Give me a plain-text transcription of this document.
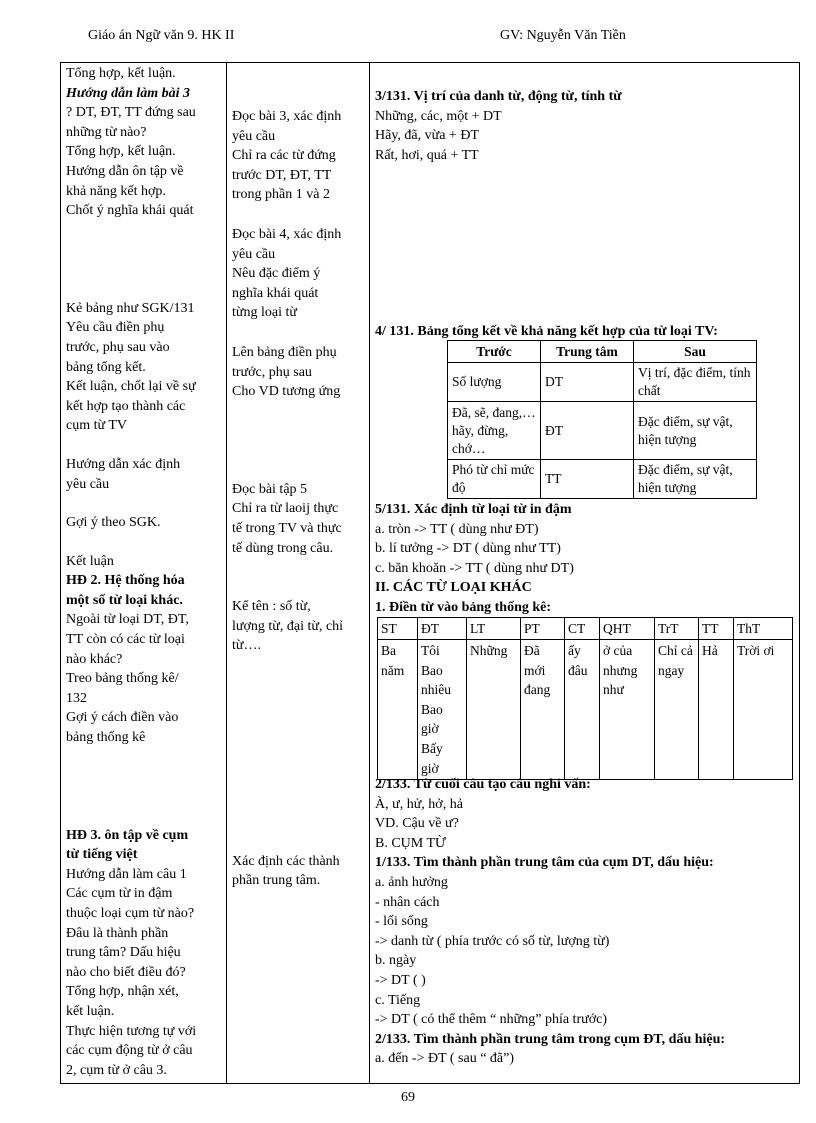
Giáo án Ngữ văn 9. HK II	GV: Nguyễn Văn Tiền
Tổng hợp, kết luận.
Hướng dẫn làm bài 3
? DT, ĐT, TT đứng sau
những từ nào?
Tổng hợp, kết luận.
Hướng dẫn ôn tập về
khả năng kết hợp.
Chốt ý nghĩa khái quát
Kẻ bảng như SGK/131
Yêu cầu điền phụ
trước, phụ sau vào
bảng tổng kết.
Kết luận, chốt lại về sự
kết hợp tạo thành các
cụm từ TV
Hướng dẫn xác định
yêu cầu
Gợi ý theo SGK.
Kết luận
HĐ 2. Hệ thống hóa
một số từ loại khác.
Ngoài từ loại DT, ĐT,
TT còn có các từ loại
nào khác?
Treo bảng thống kê/
132
Gợi ý cách điền vào
bảng thống kê
HĐ 3. ôn tập về cụm
từ tiếng việt
Hướng dẫn làm câu 1
Các cụm từ in đậm
thuộc loại cụm từ nào?
Đâu là thành phần
trung tâm? Dấu hiệu
nào cho biết điều đó?
Tổng hợp, nhận xét,
kết luận.
Thực hiện tương tự với
các cụm động từ ở câu
2, cụm từ ở câu 3.
Đọc bài 3, xác định
yêu cầu
Chỉ ra các từ đứng
trước DT, ĐT, TT
trong phần 1 và 2
Đọc bài 4, xác định
yêu cầu
Nêu đặc điểm ý
nghĩa khái quát
từng loại từ
Lên bảng điền phụ
trước, phụ sau
Cho VD tương ứng
Đọc bài tập 5
Chỉ ra từ laoij thực
tế trong TV và thực
tế dùng trong câu.
Kể tên : số từ,
lượng từ, đại từ, chỉ
từ….
Xác định các thành
phần trung tâm.
3/131. Vị trí của danh từ, động từ, tính từ
Những, các, một + DT
Hãy, đã, vừa + ĐT
Rất, hơi, quá + TT
4/ 131. Bảng tổng kết về khả năng kết hợp của từ loại TV:
Trước	Trung tâm	Sau
Số lượng	DT	Vị trí, đặc điểm, tính chất
Đã, sẽ, đang,…hãy, đừng, chớ…	ĐT	Đặc điểm, sự vật, hiện tượng
Phó từ chỉ mức độ	TT	Đặc điểm, sự vật, hiện tượng
5/131. Xác định từ loại từ in đậm
a. tròn -> TT ( dùng như ĐT)
b. lí tưởng -> DT ( dùng như TT)
c. băn khoăn -> TT ( dùng như DT)
II. CÁC TỪ LOẠI KHÁC
1. Điền từ vào bảng thống kê:
ST	ĐT	LT	PT	CT	QHT	TrT	TT	ThT
Ba năm	Tôi Bao nhiêu Bao giờ Bấy giờ	Những	Đã mới đang	ấy đâu	ở của nhưng như	Chỉ cả ngay	Hả	Trời ơi
2/133. Từ cuối câu tạo câu nghi vấn:
À, ư, hử, hở, hả
VD. Cậu về ư?
B. CỤM TỪ
1/133. Tìm thành phần trung tâm của cụm DT, dấu hiệu:
a. ảnh hưởng
- nhân cách
- lối sống
-> danh từ ( phía trước có số từ, lượng từ)
b. ngày
-> DT ( )
c. Tiếng
-> DT ( có thể thêm “ những” phía trước)
2/133. Tìm thành phần trung tâm trong cụm ĐT, dấu hiệu:
a. đến -> ĐT ( sau “ đã”)
69
